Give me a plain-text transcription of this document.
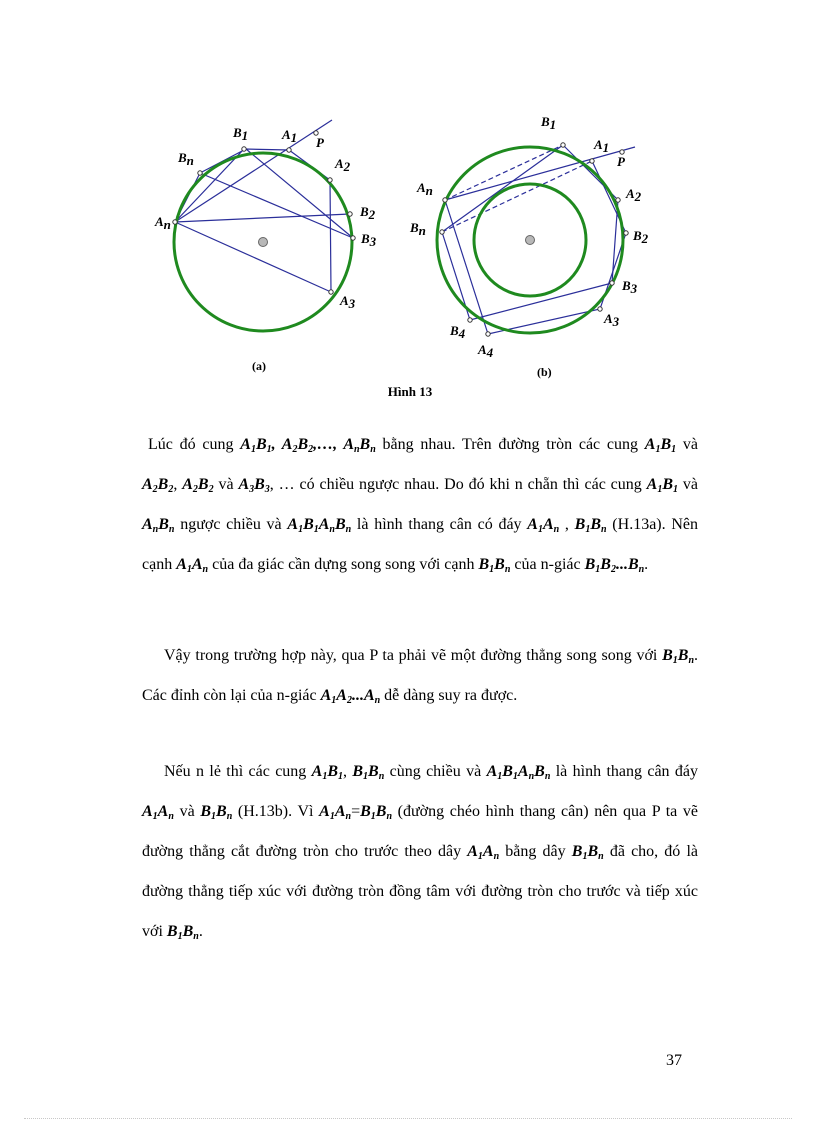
B1	A1 P
Bn	A2
An
B2
B3
A3
(a)
B1
A1
P
An	A2
Bn	B2
B3
A3
B4
A4
(b)
Hình 13

Lúc đó cung $A_1B_1$, $A_2B_2,\dots$, $A_nB_n$ bằng nhau. Trên đường tròn các cung $A_1B_1$ và $A_2B_2$, $A_2B_2$ và $A_3B_3$, … có chiều ngược nhau. Do đó khi n chẵn thì các cung $A_1B_1$ và $A_nB_n$ ngược chiều và $A_1B_1A_nB_n$ là hình thang cân có đáy $A_1A_n$ , $B_1B_n$ (H.13a). Nên cạnh $A_1A_n$ của đa giác cần dựng song song với cạnh $B_1B_n$ của n-giác $B_1B_2...B_n$.

Vậy trong trường hợp này, qua P ta phải vẽ một đường thẳng song song với $B_1B_n$. Các đỉnh còn lại của n-giác $A_1A_2...A_n$ dễ dàng suy ra được.

Nếu n lẻ thì các cung $A_1B_1$, $B_1B_n$ cùng chiều và $A_1B_1A_nB_n$ là hình thang cân đáy $A_1A_n$ và $B_1B_n$ (H.13b). Vì $A_1A_n=B_1B_n$ (đường chéo hình thang cân) nên qua P ta vẽ đường thẳng cắt đường tròn cho trước theo dây $A_1A_n$ bằng dây $B_1B_n$ đã cho, đó là đường thẳng tiếp xúc với đường tròn đồng tâm với đường tròn cho trước và tiếp xúc với $B_1B_n$.

37
